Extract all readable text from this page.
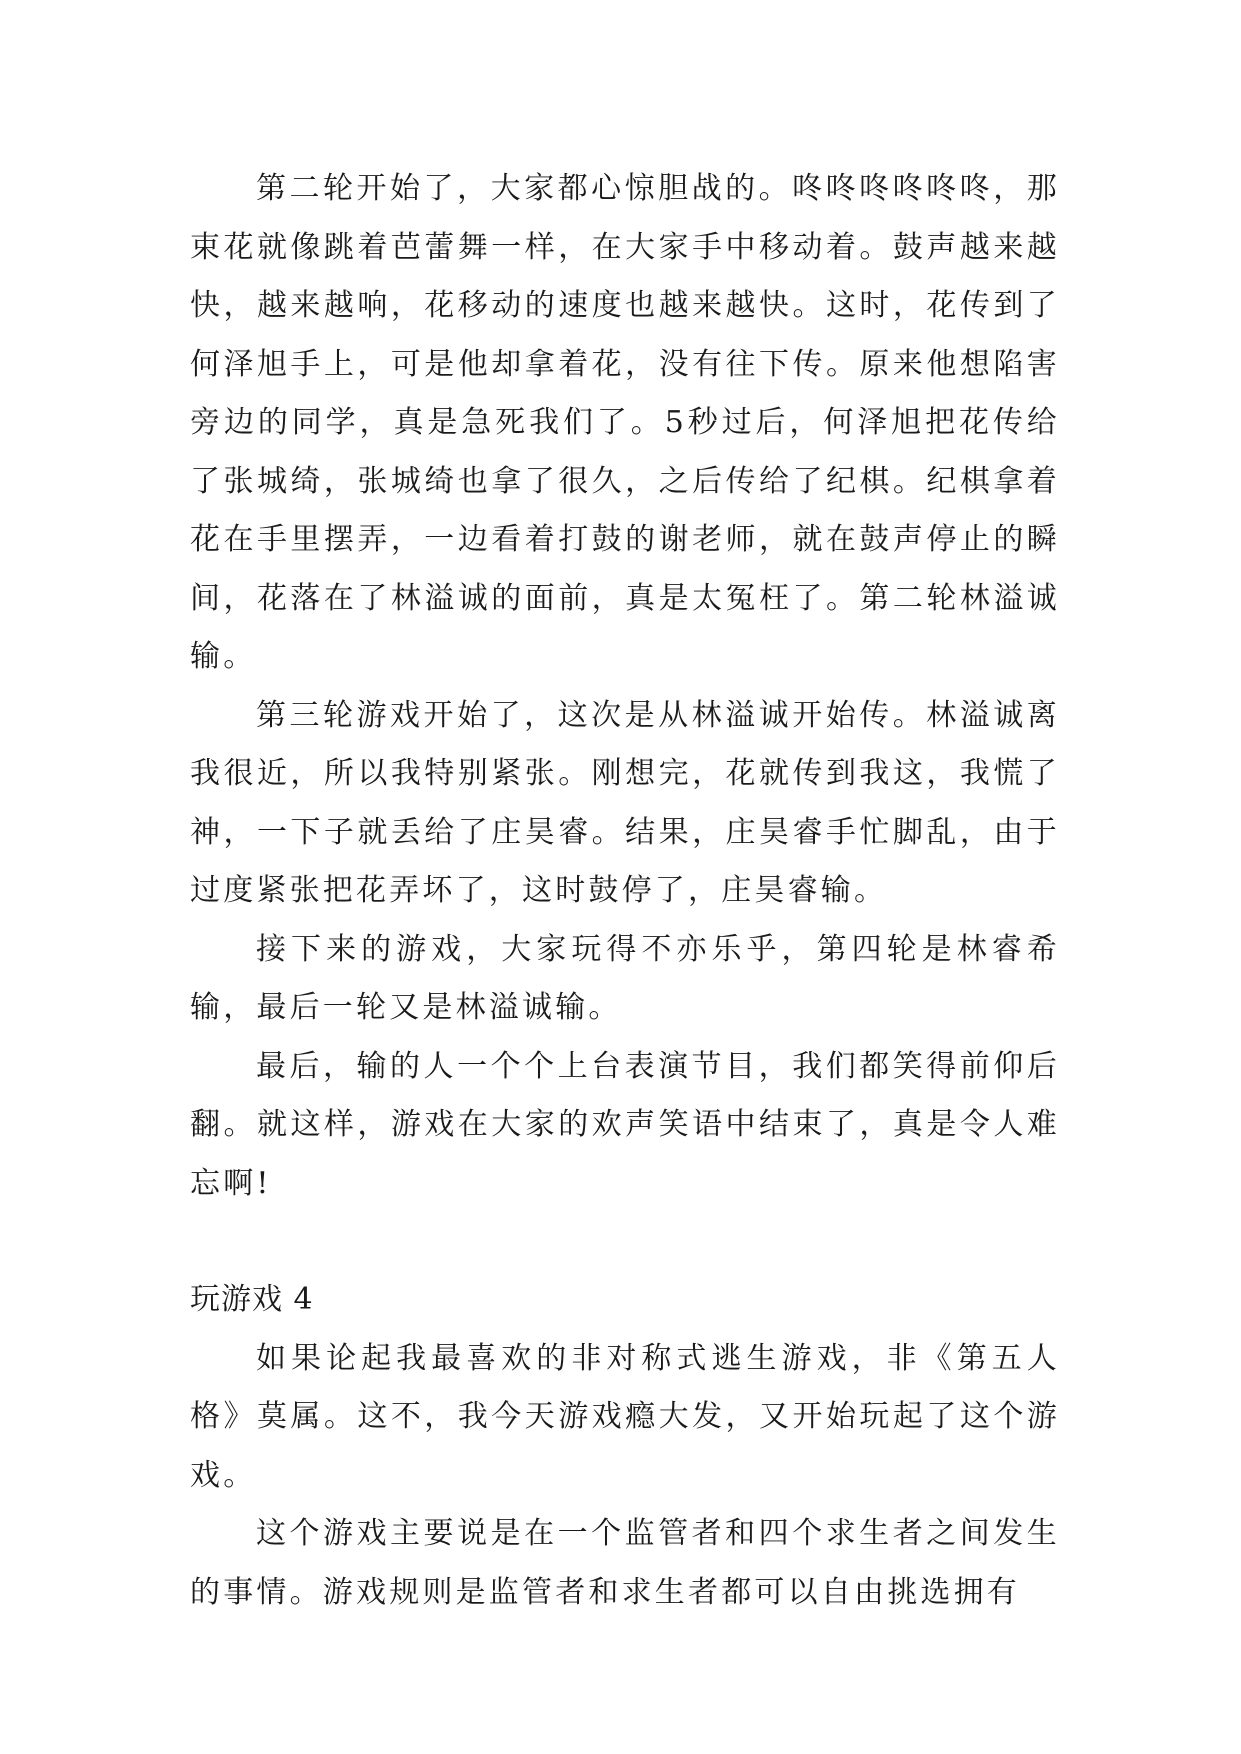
第二轮开始了，大家都心惊胆战的。咚咚咚咚咚咚，那束花就像跳着芭蕾舞一样，在大家手中移动着。鼓声越来越快，越来越响，花移动的速度也越来越快。这时，花传到了何泽旭手上，可是他却拿着花，没有往下传。原来他想陷害旁边的同学，真是急死我们了。5秒过后，何泽旭把花传给了张城绮，张城绮也拿了很久，之后传给了纪棋。纪棋拿着花在手里摆弄，一边看着打鼓的谢老师，就在鼓声停止的瞬间，花落在了林溢诚的面前，真是太冤枉了。第二轮林溢诚输。

第三轮游戏开始了，这次是从林溢诚开始传。林溢诚离我很近，所以我特别紧张。刚想完，花就传到我这，我慌了神，一下子就丢给了庄昊睿。结果，庄昊睿手忙脚乱，由于过度紧张把花弄坏了，这时鼓停了，庄昊睿输。

接下来的游戏，大家玩得不亦乐乎，第四轮是林睿希输，最后一轮又是林溢诚输。

最后，输的人一个个上台表演节目，我们都笑得前仰后翻。就这样，游戏在大家的欢声笑语中结束了，真是令人难忘啊!

玩游戏 4

如果论起我最喜欢的非对称式逃生游戏，非《第五人格》莫属。这不，我今天游戏瘾大发，又开始玩起了这个游戏。

这个游戏主要说是在一个监管者和四个求生者之间发生的事情。游戏规则是监管者和求生者都可以自由挑选拥有
